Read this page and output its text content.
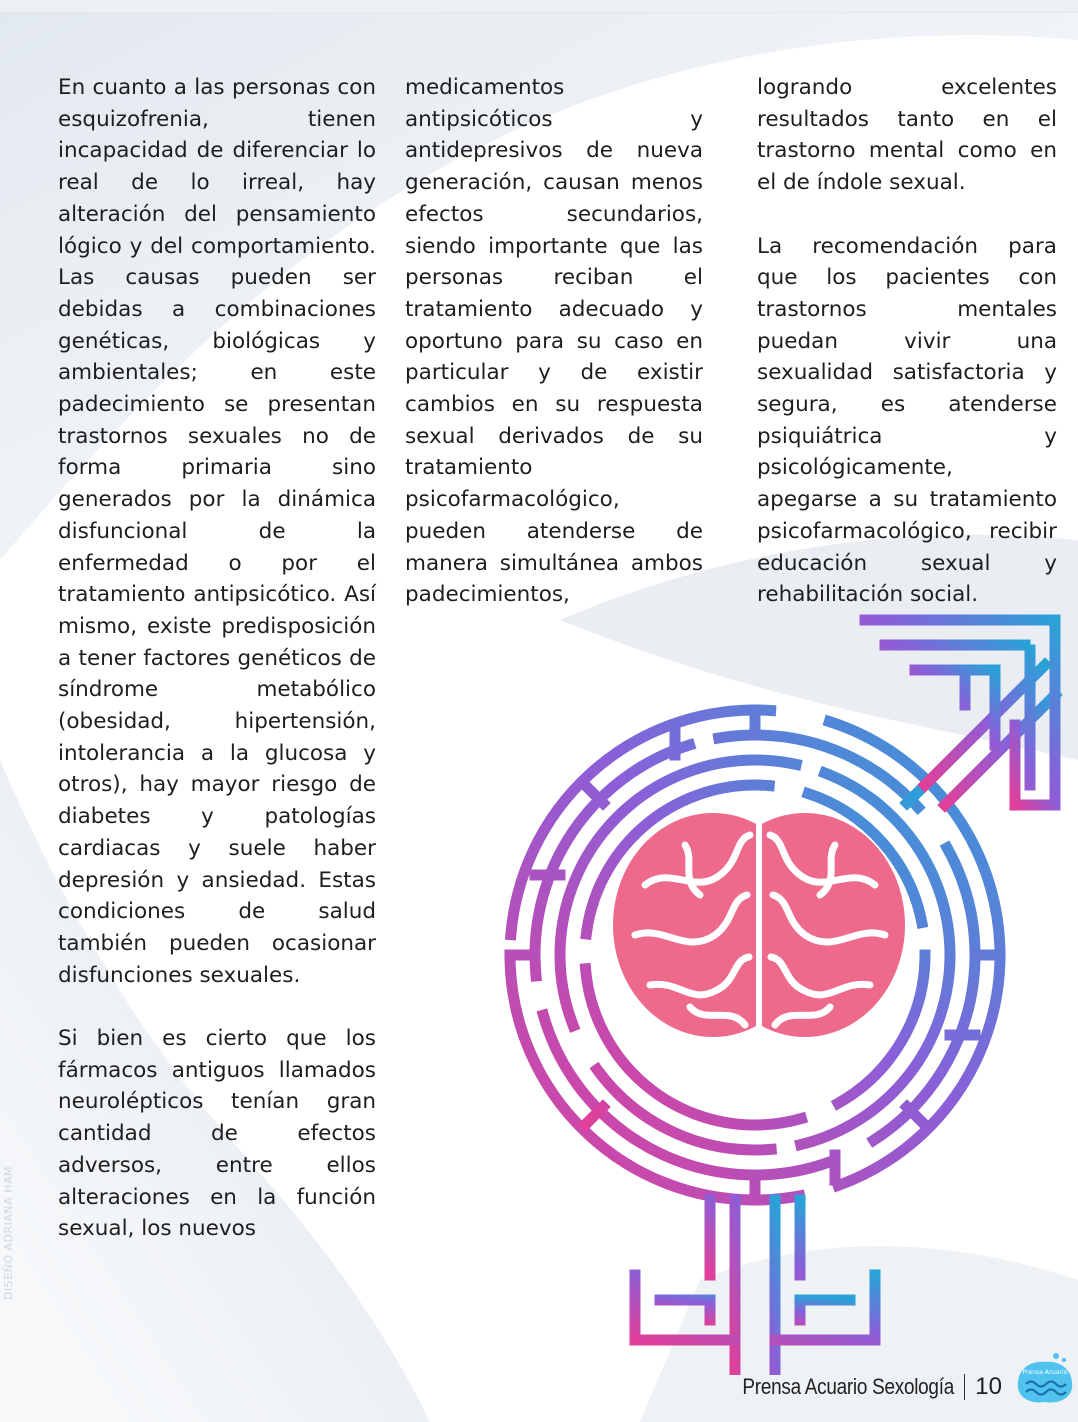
En cuanto a las personas con esquizofrenia, tienen incapacidad de diferenciar lo real de lo irreal, hay alteración del pensamiento lógico y del comportamiento. Las causas pueden ser debidas a combinaciones genéticas, biológicas y ambientales; en este padecimiento se presentan trastornos sexuales no de forma primaria sino generados por la dinámica disfuncional de la enfermedad o por el tratamiento antipsicótico. Así mismo, existe predisposición a tener factores genéticos de síndrome metabólico (obesidad, hipertensión, intolerancia a la glucosa y otros), hay mayor riesgo de diabetes y patologías cardiacas y suele haber depresión y ansiedad. Estas condiciones de salud también pueden ocasionar disfunciones sexuales.

Si bien es cierto que los fármacos antiguos llamados neurolépticos tenían gran cantidad de efectos adversos, entre ellos alteraciones en la función sexual, los nuevos

medicamentos antipsicóticos y antidepresivos de nueva generación, causan menos efectos secundarios, siendo importante que las personas reciban el tratamiento adecuado y oportuno para su caso en particular y de existir cambios en su respuesta sexual derivados de su tratamiento psicofarmacológico, pueden atenderse de manera simultánea ambos padecimientos,

logrando excelentes resultados tanto en el trastorno mental como en el de índole sexual.

La recomendación para que los pacientes con trastornos mentales puedan vivir una sexualidad satisfactoria y segura, es atenderse psiquiátrica y psicológicamente, apegarse a su tratamiento psicofarmacológico, recibir educación sexual y rehabilitación social.

DISEÑO ADRIANA HAM
Prensa Acuario Sexología 10
Prensa Acuario
